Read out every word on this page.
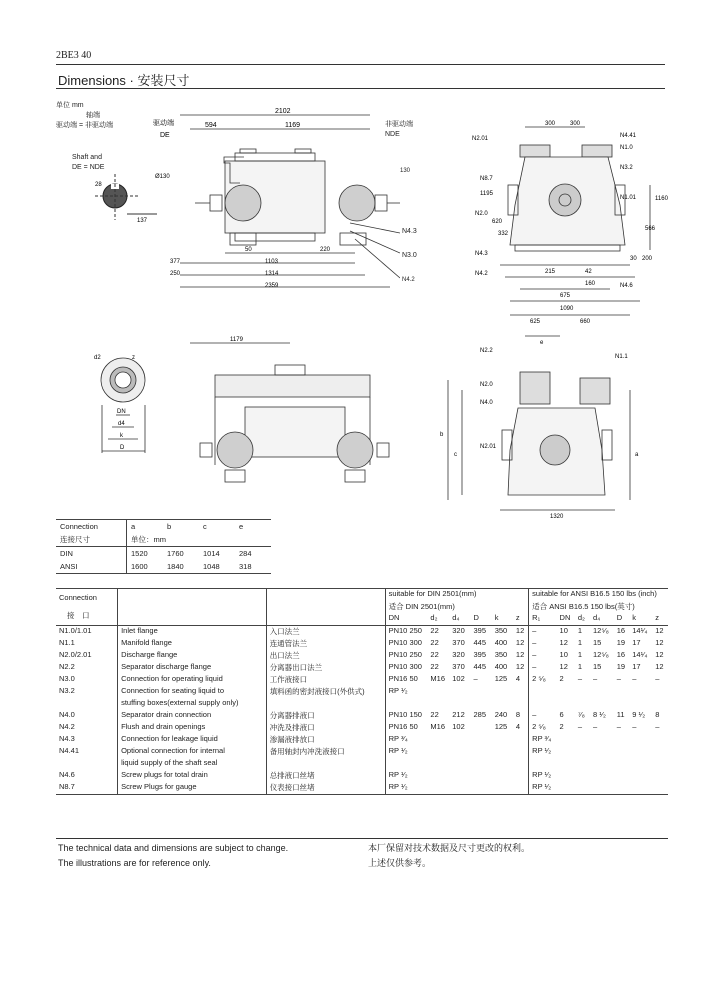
2BE3 40
Dimensions · 安装尺寸
单位 mm
轴端
驱动端 = 非驱动端
Shaft and
DE = NDE
137
28
驱动端
DE
2102
594	1169
Ø130
50	220
377	1103
250	1314
2359
非驱动端
NDE
130
N4.3
N3.0
N4.2
300 300
N2.01
N8.7
N2.0
N4.41
N1.0
N3.2
N1.01
N4.3
N4.2
N4.6
1195
1160
620
332
566
30 200
215	42
160
675
1090
625	660
d2	z
DN
d4
k
D
1179
N2.2
N1.1
N2.0
N4.0
N2.01
e
a
b
c
1320
Connection	a	b	c	e
连接尺寸	单位：mm			
DIN	1520	1760	1014	284
ANSI	1600	1840	1048	318
Connection
接　口			suitable for DIN 2501(mm)						suitable for ANSI B16.5 150 lbs (inch)						
			适合 DIN 2501(mm)						适合 ANSI B16.5 150 lbs(英寸)						
			DN	d₂	d₄	D	k	z	R₁	DN	d₂	d₄	D	k	z
N1.0/1.01	Inlet flange	入口法兰	PN10 250	22	320	395	350	12	–	10	1	12⁵⁄₈	16	14¹⁄₄	12
N1.1	Manifold flange	连通管法兰	PN10 300	22	370	445	400	12	–	12	1	15	19	17	12
N2.0/2.01	Discharge flange	出口法兰	PN10 250	22	320	395	350	12	–	10	1	12⁵⁄₈	16	14¹⁄₄	12
N2.2	Separator discharge flange	分离器出口法兰	PN10 300	22	370	445	400	12	–	12	1	15	19	17	12
N3.0	Connection for operating liquid	工作液接口	PN16 50	M16	102	–	125	4	2 ⁵⁄₈	2	–	–	–	–	–
N3.2	Connection for seating liquid to	填料函的密封液接口(外供式)	RP ¹⁄₂												
	stuffing boxes(external supply only)														
N4.0	Separator drain connection	分离器排液口	PN10 150	22	212	285	240	8	–	6	⁷⁄₈	8 ¹⁄₂	11	9 ¹⁄₂	8
N4.2	Flush and drain openings	冲洗及排液口	PN16 50	M16	102		125	4	2 ⁵⁄₈	2	–	–	–	–	–
N4.3	Connection for leakage liquid	渗漏液排放口	RP ³⁄₄						RP ³⁄₄						
N4.41	Optional connection for internal	备用轴封内冲洗液接口	RP ¹⁄₂						RP ¹⁄₂						
	liquid supply of the shaft seal														
N4.6	Screw plugs for total drain	总排液口丝堵	RP ¹⁄₂						RP ¹⁄₂						
N8.7	Screw Plugs for gauge	仪表接口丝堵	RP ¹⁄₂						RP ¹⁄₂						
The technical data and dimensions are subject to change.
The illustrations are for reference only.
本厂保留对技术数据及尺寸更改的权利。
上述仅供参考。
